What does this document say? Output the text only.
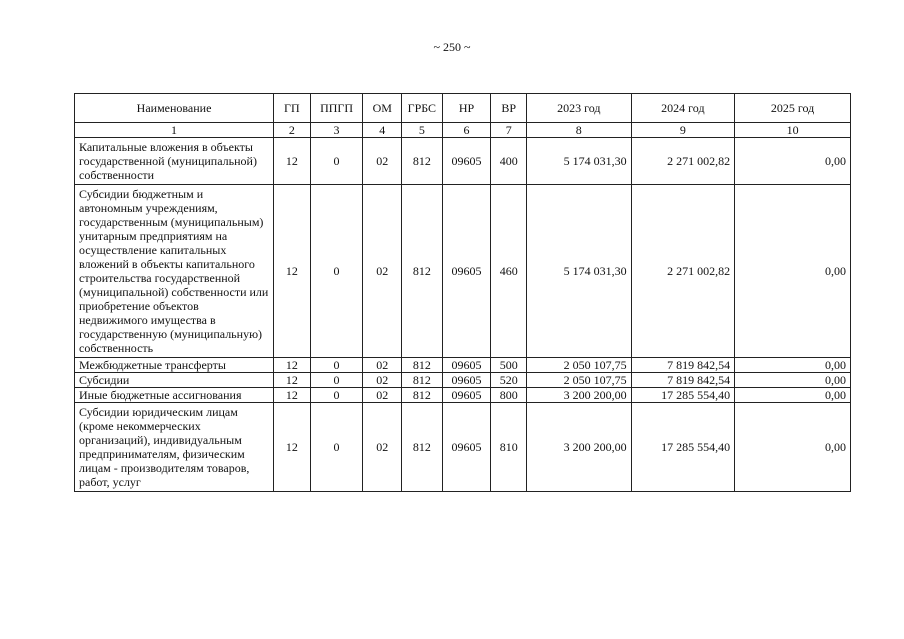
~ 250 ~
Наименование	ГП	ППГП	ОМ	ГРБС	НР	ВР	2023 год	2024 год	2025 год
1	2	3	4	5	6	7	8	9	10
Капитальные вложения в объекты государственной (муниципальной) собственности	12	0	02	812	09605	400	5 174 031,30	2 271 002,82	0,00
Субсидии бюджетным и автономным учреждениям, государственным (муниципальным) унитарным предприятиям на осуществление капитальных вложений в объекты капитального строительства государственной (муниципальной) собственности или приобретение объектов недвижимого имущества в государственную (муниципальную) собственность	12	0	02	812	09605	460	5 174 031,30	2 271 002,82	0,00
Межбюджетные трансферты	12	0	02	812	09605	500	2 050 107,75	7 819 842,54	0,00
Субсидии	12	0	02	812	09605	520	2 050 107,75	7 819 842,54	0,00
Иные бюджетные ассигнования	12	0	02	812	09605	800	3 200 200,00	17 285 554,40	0,00
Субсидии юридическим лицам (кроме некоммерческих организаций), индивидуальным предпринимателям, физическим лицам - производителям товаров, работ, услуг	12	0	02	812	09605	810	3 200 200,00	17 285 554,40	0,00
